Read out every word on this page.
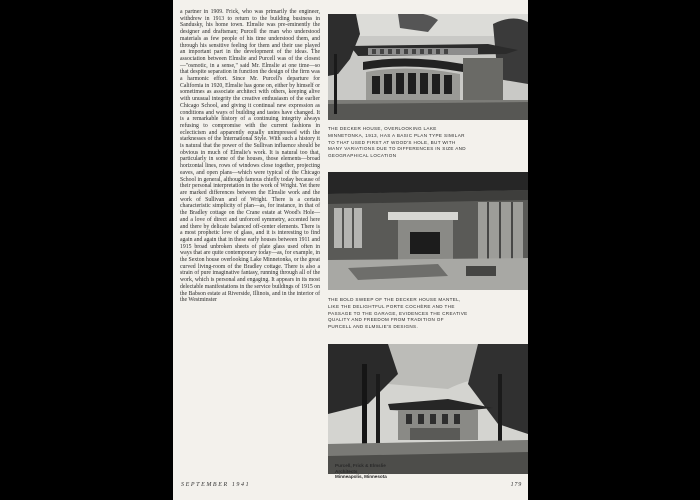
a partner in 1909. Frick, who was primarily the engineer, withdrew in 1913 to return to the building business in Sandusky, his home town. Elmslie was pre-eminently the designer and draftsman; Purcell the man who understood materials as few people of his time understood them, and through his sensitive feeling for them and their use played an important part in the development of the ideas. The association between Elmslie and Purcell was of the closest—"osmotic, in a sense," said Mr. Elmslie at one time—so that despite separation in function the design of the firm was a harmonic effort. Since Mr. Purcell's departure for California in 1920, Elmslie has gone on, either by himself or sometimes as associate architect with others, keeping alive with unusual integrity the creative enthusiasm of the earlier Chicago School, and giving it continual new expression as conditions and ways of building and tastes have changed. It is a remarkable history of a continuing integrity always refusing to compromise with the current fashions in eclecticism and apparently equally unimpressed with the starknesses of the International Style. With such a history it is natural that the power of the Sullivan influence should be obvious in much of Elmslie's work. It is natural too that, particularly in some of the houses, those elements—broad horizontal lines, rows of windows close together, projecting eaves, and open plans—which were typical of the Chicago School in general, although famous chiefly today because of their personal interpretation in the work of Wright. Yet there are marked differences between the Elmslie work and the work of Sullivan and of Wright. There is a certain characteristic simplicity of plan—as, for instance, in that of the Bradley cottage on the Crane estate at Wood's Hole—and a love of direct and unforced symmetry, accented here and there by delicate balanced off-center elements. There is a most prophetic love of glass, and it is interesting to find again and again that in these early houses between 1911 and 1915 broad unbroken sheets of plate glass used often in ways that are quite contemporary today—as, for example, in the Sexton house overlooking Lake Minnetonka, or the great curved living-room of the Bradley cottage. There is also a strain of pure imaginative fantasy, running through all of the work, which is personal and engaging. It appears in its most delectable manifestations in the service buildings of 1915 on the Babson estate at Riverside, Illinois, and in the interior of the Westminster

THE DECKER HOUSE, OVERLOOKING LAKE MINNETONKA, 1913, HAS A BASIC PLAN TYPE SIMILAR TO THAT USED FIRST AT WOOD'S HOLE, BUT WITH MANY VARIATIONS DUE TO DIFFERENCES IN SIZE AND GEOGRAPHICAL LOCATION
THE BOLD SWEEP OF THE DECKER HOUSE MANTEL, LIKE THE DELIGHTFUL PORTE COCHÈRE AND THE PASSAGE TO THE GARAGE, EVIDENCES THE CREATIVE QUALITY AND FREEDOM FROM TRADITION OF PURCELL AND ELMSLIE'S DESIGNS.
Purcell, Frick & Elmslie
Architects
Minneapolis, Minnesota
SEPTEMBER 1941	179
